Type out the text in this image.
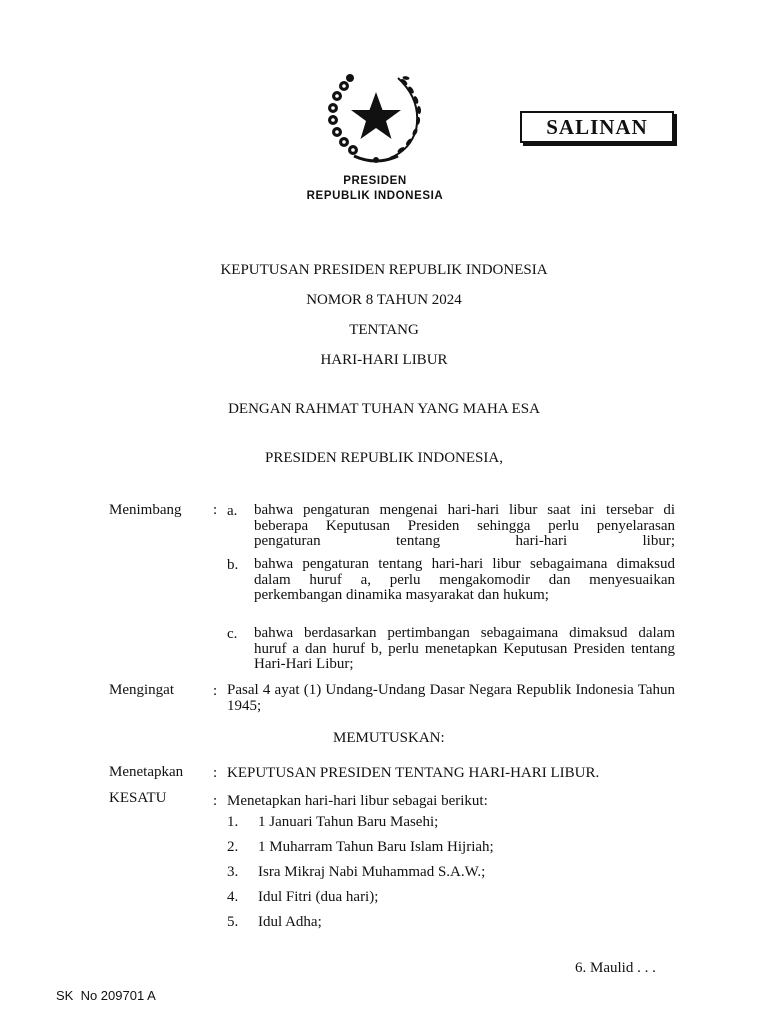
PRESIDEN
REPUBLIK INDONESIA
SALINAN
KEPUTUSAN PRESIDEN REPUBLIK INDONESIA
NOMOR 8 TAHUN 2024
TENTANG
HARI-HARI LIBUR
DENGAN RAHMAT TUHAN YANG MAHA ESA
PRESIDEN REPUBLIK INDONESIA,
Menimbang : a. bahwa pengaturan mengenai hari-hari libur saat ini tersebar di beberapa Keputusan Presiden sehingga perlu penyelarasan pengaturan tentang hari-hari libur;
b. bahwa pengaturan tentang hari-hari libur sebagaimana dimaksud dalam huruf a, perlu mengakomodir dan menyesuaikan perkembangan dinamika masyarakat dan hukum;
c. bahwa berdasarkan pertimbangan sebagaimana dimaksud dalam huruf a dan huruf b, perlu menetapkan Keputusan Presiden tentang Hari-Hari Libur;
Mengingat	: Pasal 4 ayat (1) Undang-Undang Dasar Negara Republik Indonesia Tahun 1945;
MEMUTUSKAN:
Menetapkan : KEPUTUSAN PRESIDEN TENTANG HARI-HARI LIBUR.
KESATU	: Menetapkan hari-hari libur sebagai berikut:
1. 1 Januari Tahun Baru Masehi;
2. 1 Muharram Tahun Baru Islam Hijriah;
3. Isra Mikraj Nabi Muhammad S.A.W.;
4. Idul Fitri (dua hari);
5. Idul Adha;
6. Maulid . . .
SK  No 209701 A
